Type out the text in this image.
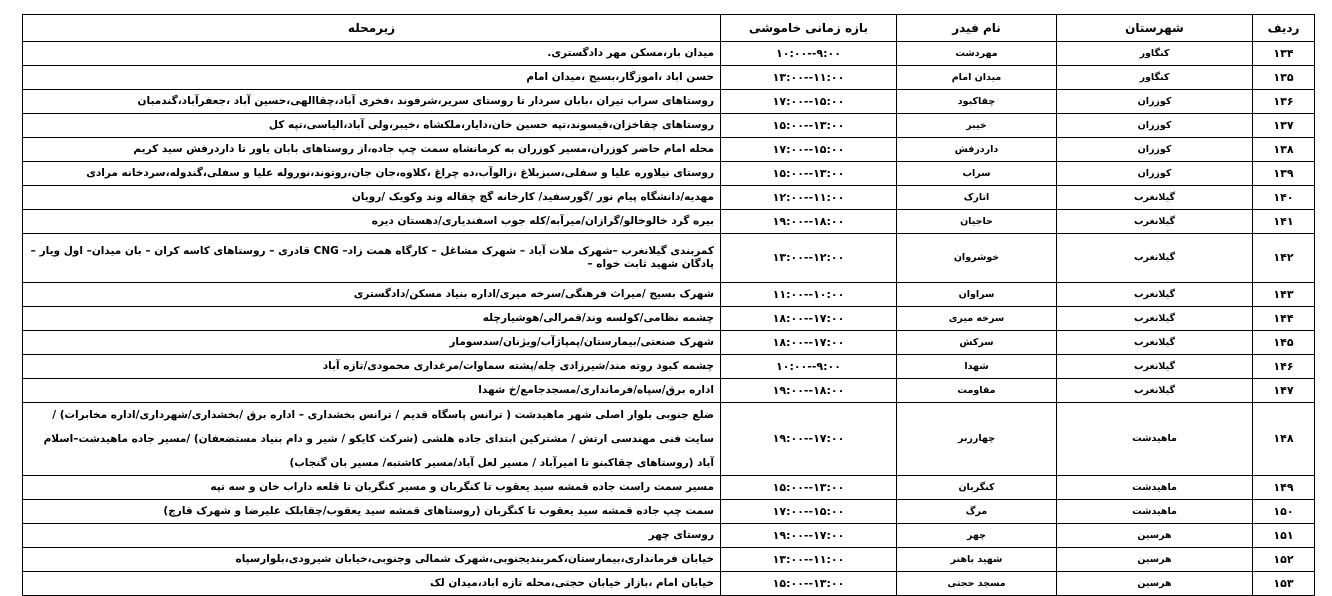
ردیف	شهرستان	نام فیدر	بازه زمانی خاموشی	زیرمحله
۱۳۴	کنگاور	مهردشت	۹:۰۰--۱۰:۰۰	میدان بار،مسکن مهر دادگستری.
۱۳۵	کنگاور	میدان امام	۱۱:۰۰--۱۳:۰۰	حسن اباد ،اموزگار،بسیج ،میدان امام
۱۳۶	کوزران	چقاکبود	۱۵:۰۰--۱۷:۰۰	روستاهای سراب تیران ،بابان سردار تا روستای سریر،شرفوند ،فخری آباد،چقاالهی،حسین آباد ،جعفرآباد،گندمبان
۱۳۷	کوزران	خیبر	۱۳:۰۰--۱۵:۰۰	روستاهای چقاخزان،قیسوند،تپه حسین خان،دایار،ملکشاه ،خیبر،ولی آباد،الیاسی،تپه کل
۱۳۸	کوزران	داردرفش	۱۵:۰۰--۱۷:۰۰	محله امام حاضر کوزران،مسیر کوزران به کرمانشاه سمت چپ جاده،از روستاهای بابان یاور تا داردرفش سید کریم
۱۳۹	کوزران	سراب	۱۳:۰۰--۱۵:۰۰	روستای نیلاوره علیا و سفلی،سبزبلاغ ،زالوآب،ده چراغ ،کلاوه،جان جان،روتوند،نوروله علیا و سفلی،گندوله،سردخانه مرادی
۱۴۰	گیلانغرب	اتارک	۱۱:۰۰--۱۲:۰۰	مهدیه/دانشگاه پیام نور /گورسفید/ کارخانه گچ چقاله وند وکویک /رویان
۱۴۱	گیلانغرب	حاجیان	۱۸:۰۰--۱۹:۰۰	بیره گرد خالوخالو/گرازان/میرآبه/کله جوب اسفندیاری/دهستان دیره
۱۴۲	گیلانغرب	خوشروان	۱۲:۰۰--۱۳:۰۰	کمربندی گیلانغرب –شهرک ملات آباد – شهرک مشاغل – کارگاه همت زاد– CNG قادری – روستاهای کاسه کران – بان میدان– اول ویار – پادگان شهید ثابت خواه –
۱۴۳	گیلانغرب	سراوان	۱۰:۰۰--۱۱:۰۰	شهرک بسیج /میراث فرهنگی/سرخه میری/اداره بنیاد مسکن/دادگستری
۱۴۴	گیلانغرب	سرخه میری	۱۷:۰۰--۱۸:۰۰	چشمه نظامی/کولسه وند/قمرالی/هوشیارچله
۱۴۵	گیلانغرب	سرکش	۱۷:۰۰--۱۸:۰۰	شهرک صنعتی/بیمارستان/پمپاژآب/ویژنان/سدسومار
۱۴۶	گیلانغرب	شهدا	۹:۰۰--۱۰:۰۰	چشمه کبود روته مند/شیرزادی چله/پشته سماوات/مرغداری محمودی/تازه آباد
۱۴۷	گیلانغرب	مقاومت	۱۸:۰۰--۱۹:۰۰	اداره برق/سپاه/فرمانداری/مسجدجامع/خ شهدا
۱۴۸	ماهیدشت	چهارزبر	۱۷:۰۰--۱۹:۰۰	ضلع جنوبی بلوار اصلی شهر ماهیدشت ( ترانس پاسگاه قدیم / ترانس بخشداری – اداره برق /بخشداری/شهرداری/اداره مخابرات) /سایت فنی مهندسی ارتش / مشترکین ابتدای جاده هلشی (شرکت کایکو / شیر و دام بنیاد مستضعفان) /مسیر جاده ماهیدشت–اسلام آباد (روستاهای چقاکبنو تا امیرآباد / مسیر لعل آباد/مسیر کاشتبه/ مسیر بان گنجاب)
۱۴۹	ماهیدشت	کنگربان	۱۳:۰۰--۱۵:۰۰	مسیر سمت راست جاده قمشه سید یعقوب تا کنگربان و مسیر کنگربان تا قلعه داراب خان و سه تپه
۱۵۰	ماهیدشت	مرگ	۱۵:۰۰--۱۷:۰۰	سمت چپ جاده قمشه سید یعقوب تا کنگربان (روستاهای قمشه سید یعقوب/چقابلک علیرضا و شهرک قارچ)
۱۵۱	هرسین	چهر	۱۷:۰۰--۱۹:۰۰	روستای چهر
۱۵۲	هرسین	شهید باهنر	۱۱:۰۰--۱۳:۰۰	خیابان فرمانداری،بیمارستان،کمربندیجنوبی،شهرک شمالی وجنوبی،خیابان شیرودی،بلوارسپاه
۱۵۳	هرسین	مسجد حجتی	۱۳:۰۰--۱۵:۰۰	خیابان امام ،بازار خیابان حجتی،محله تازه اباد،میدان لک
